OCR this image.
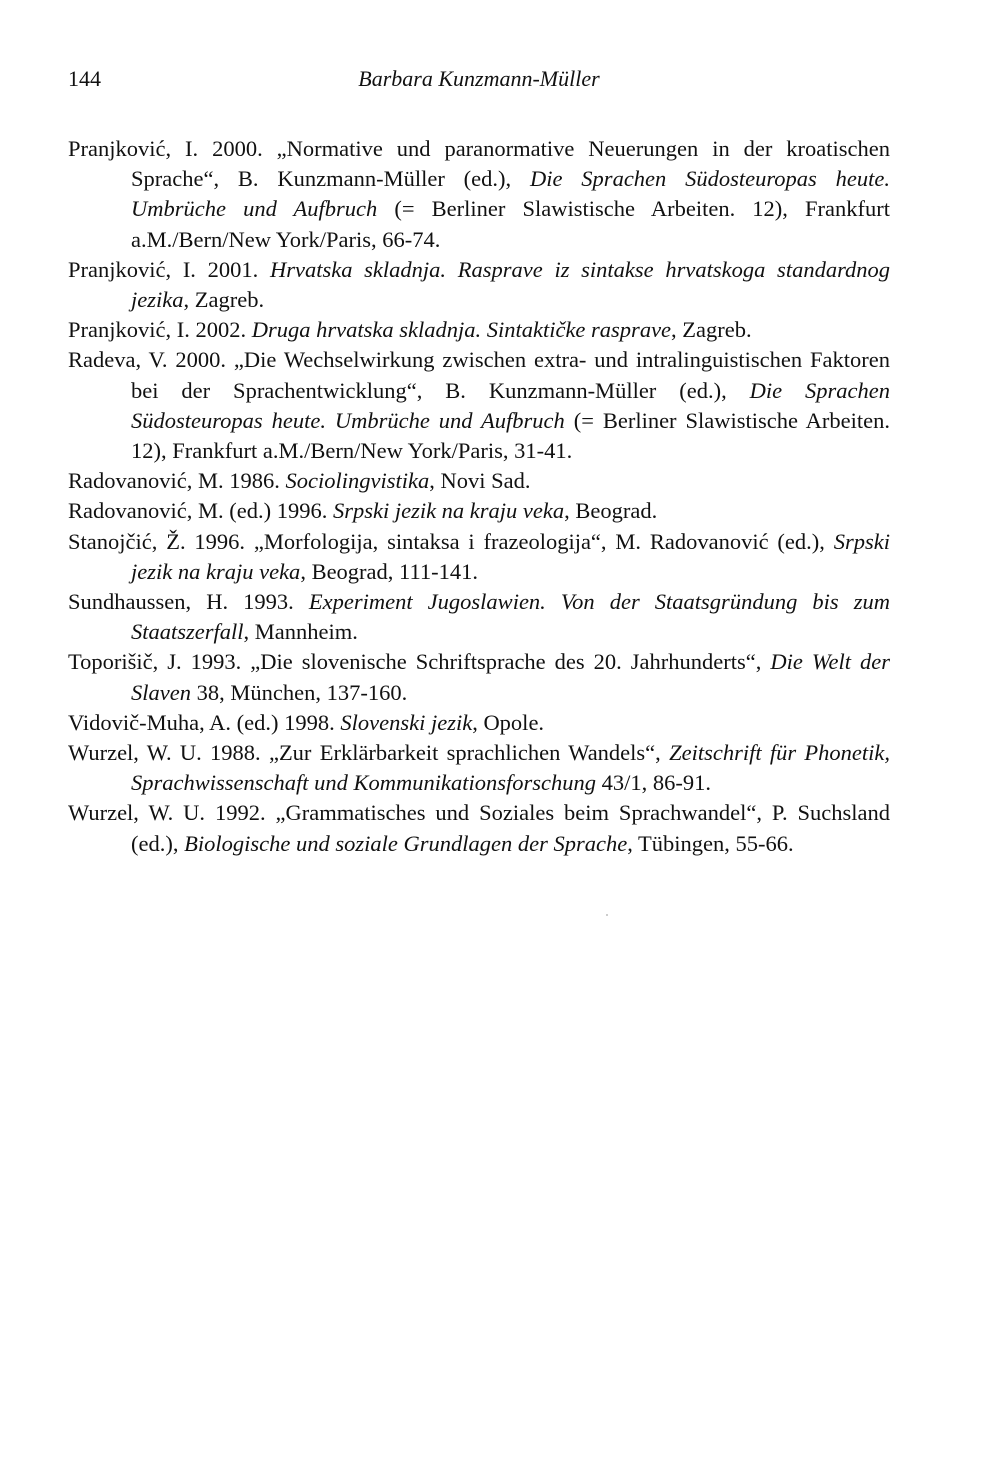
144	Barbara Kunzmann-Müller
Pranjković, I. 2000. „Normative und paranormative Neuerungen in der kroatischen Sprache“, B. Kunzmann-Müller (ed.), Die Sprachen Südosteuropas heute. Umbrüche und Aufbruch (= Berliner Slawistische Arbeiten. 12), Frankfurt a.M./Bern/New York/Paris, 66-74.
Pranjković, I. 2001. Hrvatska skladnja. Rasprave iz sintakse hrvatskoga standardnog jezika, Zagreb.
Pranjković, I. 2002. Druga hrvatska skladnja. Sintaktičke rasprave, Zagreb.
Radeva, V. 2000. „Die Wechselwirkung zwischen extra- und intralinguistischen Faktoren bei der Sprachentwicklung“, B. Kunzmann-Müller (ed.), Die Sprachen Südosteuropas heute. Umbrüche und Aufbruch (= Berliner Slawistische Arbeiten. 12), Frankfurt a.M./Bern/New York/Paris, 31-41.
Radovanović, M. 1986. Sociolingvistika, Novi Sad.
Radovanović, M. (ed.) 1996. Srpski jezik na kraju veka, Beograd.
Stanojčić, Ž. 1996. „Morfologija, sintaksa i frazeologija“, M. Radovanović (ed.), Srpski jezik na kraju veka, Beograd, 111-141.
Sundhaussen, H. 1993. Experiment Jugoslawien. Von der Staatsgründung bis zum Staatszerfall, Mannheim.
Toporišič, J. 1993. „Die slovenische Schriftsprache des 20. Jahrhunderts“, Die Welt der Slaven 38, München, 137-160.
Vidovič-Muha, A. (ed.) 1998. Slovenski jezik, Opole.
Wurzel, W. U. 1988. „Zur Erklärbarkeit sprachlichen Wandels“, Zeitschrift für Phonetik, Sprachwissenschaft und Kommunikationsforschung 43/1, 86-91.
Wurzel, W. U. 1992. „Grammatisches und Soziales beim Sprachwandel“, P. Suchsland (ed.), Biologische und soziale Grundlagen der Sprache, Tübingen, 55-66.
